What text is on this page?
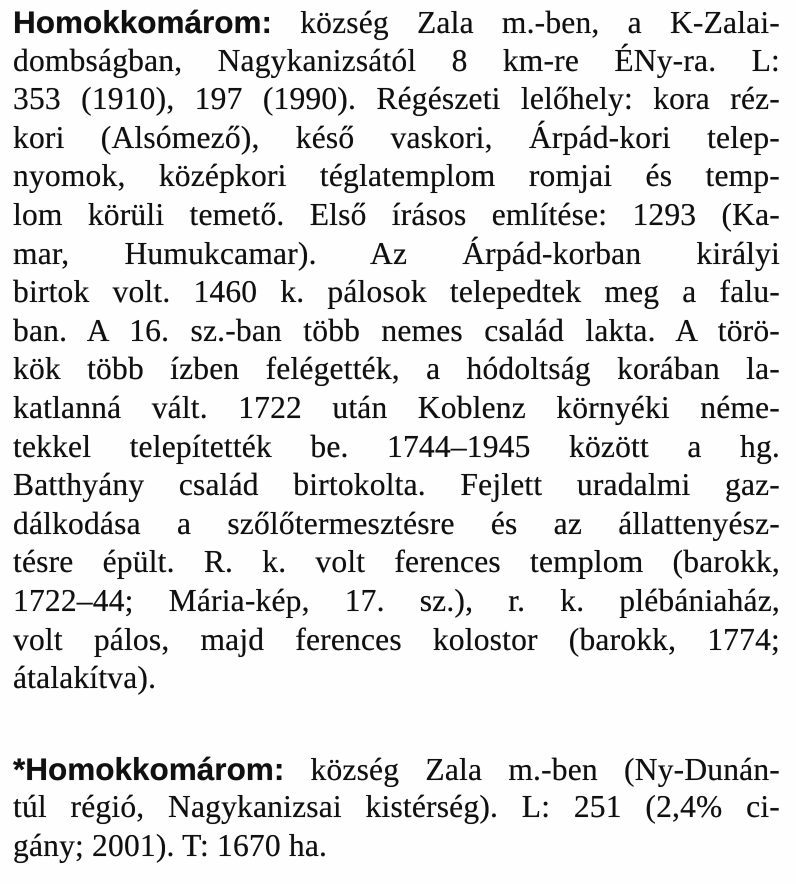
Homokkomárom: község Zala m.-ben, a K-Zalai-
dombságban, Nagykanizsától 8 km-re ÉNy-ra. L:
353 (1910), 197 (1990). Régészeti lelőhely: kora réz-
kori (Alsómező), késő vaskori, Árpád-kori telep-
nyomok, középkori téglatemplom romjai és temp-
lom körüli temető. Első írásos említése: 1293 (Ka-
mar, Humukcamar). Az Árpád-korban királyi
birtok volt. 1460 k. pálosok telepedtek meg a falu-
ban. A 16. sz.-ban több nemes család lakta. A törö-
kök több ízben felégették, a hódoltság korában la-
katlanná vált. 1722 után Koblenz környéki néme-
tekkel telepítették be. 1744–1945 között a hg.
Batthyány család birtokolta. Fejlett uradalmi gaz-
dálkodása a szőlőtermesztésre és az állattenyész-
tésre épült. R. k. volt ferences templom (barokk,
1722–44; Mária-kép, 17. sz.), r. k. plébániaház,
volt pálos, majd ferences kolostor (barokk, 1774;
átalakítva).
*Homokkomárom: község Zala m.-ben (Ny-Dunán-
túl régió, Nagykanizsai kistérség). L: 251 (2,4% ci-
gány; 2001). T: 1670 ha.
